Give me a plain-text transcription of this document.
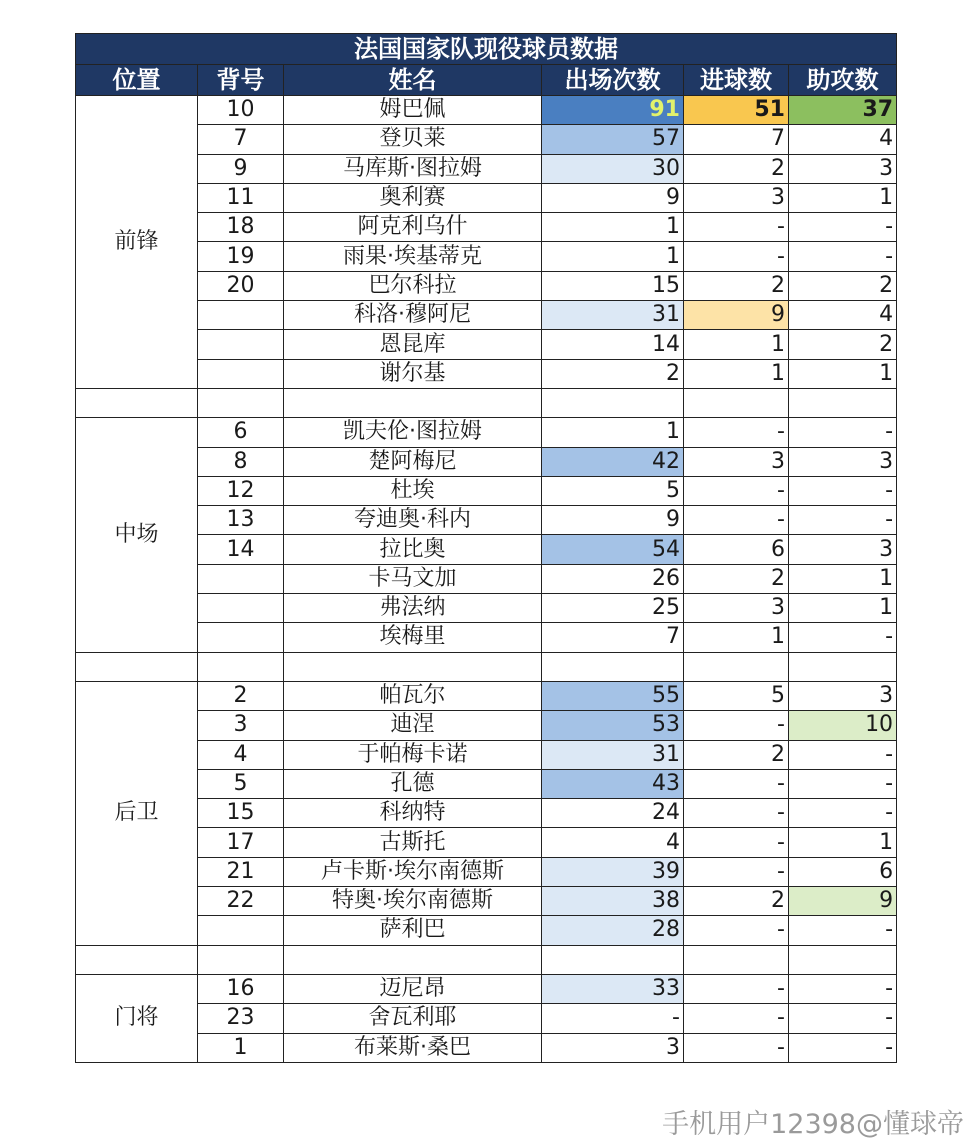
法国国家队现役球员数据					
位置	背号	姓名	出场次数	进球数	助攻数
前锋	10	姆巴佩	91	51	37
	7	登贝莱	57	7	4
	9	马库斯·图拉姆	30	2	3
	11	奥利赛	9	3	1
	18	阿克利乌什	1	-	-
	19	雨果·埃基蒂克	1	-	-
	20	巴尔科拉	15	2	2
		科洛·穆阿尼	31	9	4
		恩昆库	14	1	2
		谢尔基	2	1	1

中场	6	凯夫伦·图拉姆	1	-	-
	8	楚阿梅尼	42	3	3
	12	杜埃	5	-	-
	13	夸迪奥·科内	9	-	-
	14	拉比奥	54	6	3
		卡马文加	26	2	1
		弗法纳	25	3	1
		埃梅里	7	1	-

后卫	2	帕瓦尔	55	5	3
	3	迪涅	53	-	10
	4	于帕梅卡诺	31	2	-
	5	孔德	43	-	-
	15	科纳特	24	-	-
	17	古斯托	4	-	1
	21	卢卡斯·埃尔南德斯	39	-	6
	22	特奥·埃尔南德斯	38	2	9
		萨利巴	28	-	-

门将	16	迈尼昂	33	-	-
	23	舍瓦利耶	-	-	-
	1	布莱斯·桑巴	3	-	-
手机用户12398@懂球帝
